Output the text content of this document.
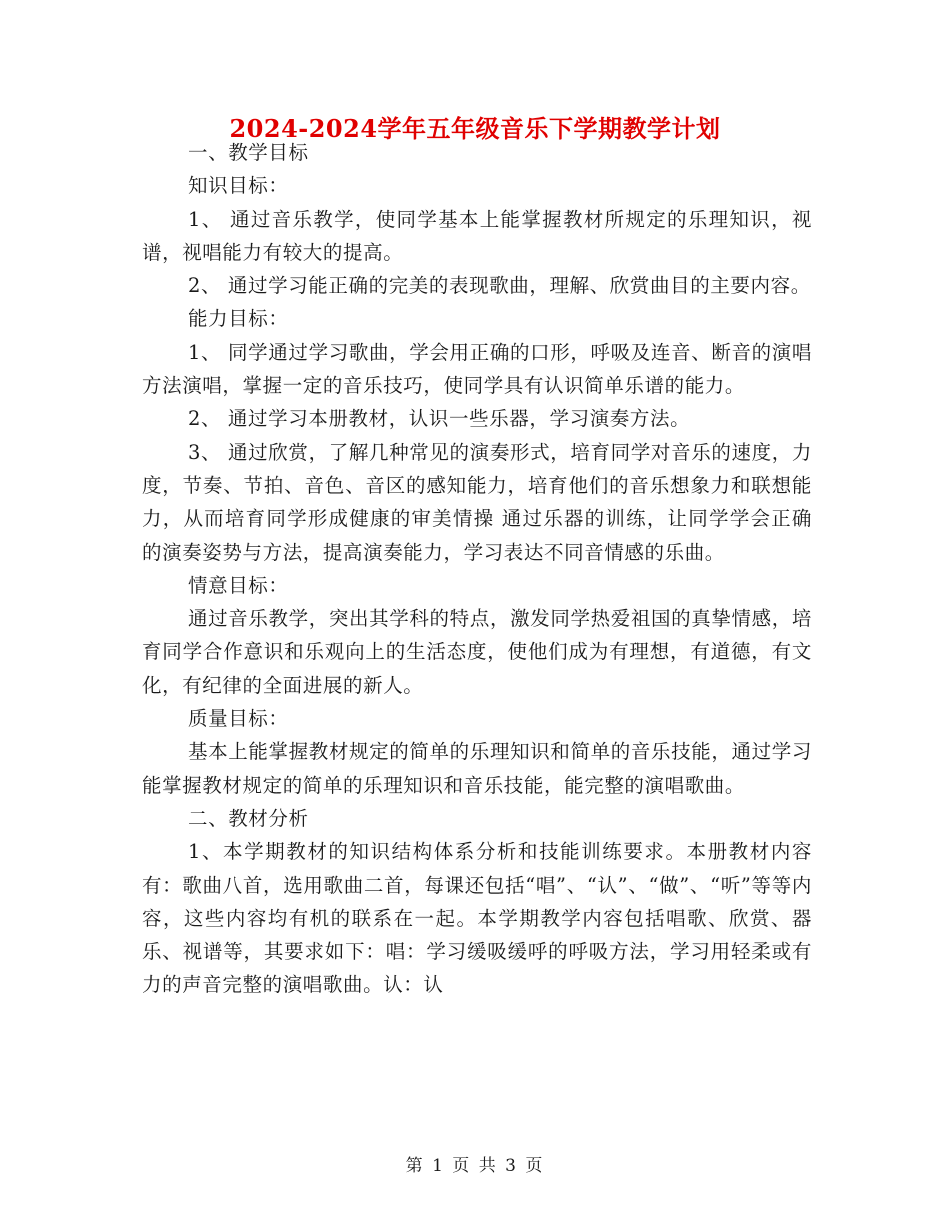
2024-2024学年五年级音乐下学期教学计划

一、教学目标

知识目标：

1、 通过音乐教学，使同学基本上能掌握教材所规定的乐理知识，视谱，视唱能力有较大的提高。

2、 通过学习能正确的完美的表现歌曲，理解、欣赏曲目的主要内容。

能力目标：

1、 同学通过学习歌曲，学会用正确的口形，呼吸及连音、断音的演唱方法演唱，掌握一定的音乐技巧，使同学具有认识简单乐谱的能力。

2、 通过学习本册教材，认识一些乐器，学习演奏方法。

3、 通过欣赏，了解几种常见的演奏形式，培育同学对音乐的速度，力度，节奏、节拍、音色、音区的感知能力，培育他们的音乐想象力和联想能力，从而培育同学形成健康的审美情操 通过乐器的训练，让同学学会正确的演奏姿势与方法，提高演奏能力，学习表达不同音情感的乐曲。

情意目标：

通过音乐教学，突出其学科的特点，激发同学热爱祖国的真挚情感，培育同学合作意识和乐观向上的生活态度，使他们成为有理想，有道德，有文化，有纪律的全面进展的新人。

质量目标：

基本上能掌握教材规定的简单的乐理知识和简单的音乐技能，通过学习能掌握教材规定的简单的乐理知识和音乐技能，能完整的演唱歌曲。

二、教材分析

1、本学期教材的知识结构体系分析和技能训练要求。本册教材内容有：歌曲八首，选用歌曲二首，每课还包括“唱”、“认”、“做”、“听”等等内容，这些内容均有机的联系在一起。本学期教学内容包括唱歌、欣赏、器乐、视谱等，其要求如下：唱：学习缓吸缓呼的呼吸方法，学习用轻柔或有力的声音完整的演唱歌曲。认：认

第 1 页 共 3 页
